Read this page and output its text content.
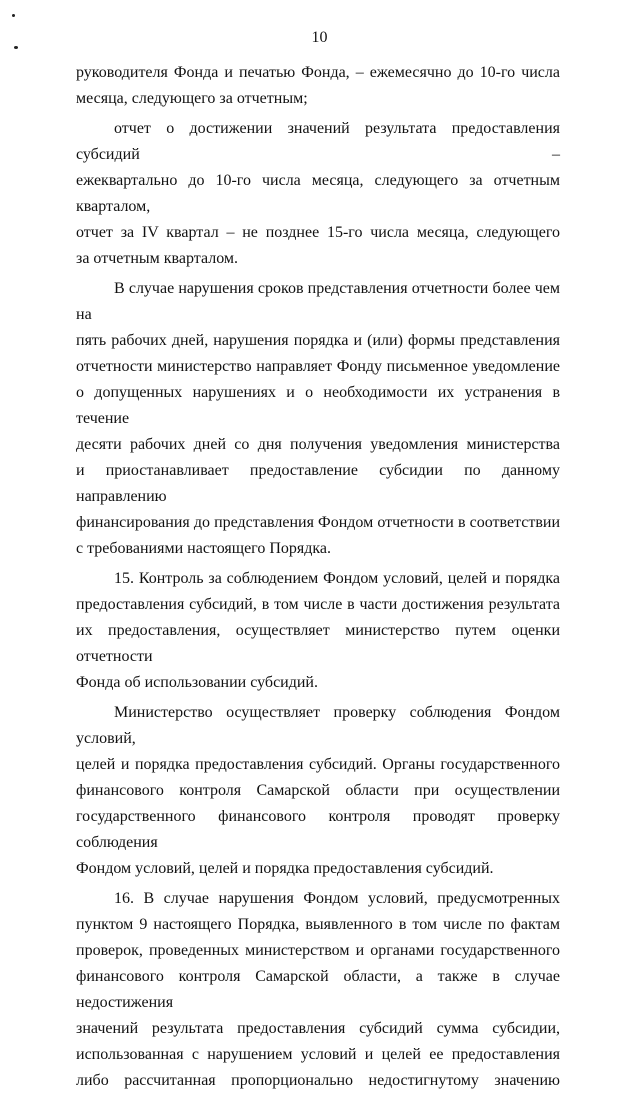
10
руководителя Фонда и печатью Фонда, – ежемесячно до 10-го числа
месяца, следующего за отчетным;
отчет о достижении значений результата предоставления субсидий –
ежеквартально до 10-го числа месяца, следующего за отчетным кварталом,
отчет за IV квартал – не позднее 15-го числа месяца, следующего
за отчетным кварталом.
В случае нарушения сроков представления отчетности более чем на
пять рабочих дней, нарушения порядка и (или) формы представления
отчетности министерство направляет Фонду письменное уведомление
о допущенных нарушениях и о необходимости их устранения в течение
десяти рабочих дней со дня получения уведомления министерства
и приостанавливает предоставление субсидии по данному направлению
финансирования до представления Фондом отчетности в соответствии
с требованиями настоящего Порядка.
15. Контроль за соблюдением Фондом условий, целей и порядка
предоставления субсидий, в том числе в части достижения результата
их предоставления, осуществляет министерство путем оценки отчетности
Фонда об использовании субсидий.
Министерство осуществляет проверку соблюдения Фондом условий,
целей и порядка предоставления субсидий. Органы государственного
финансового контроля Самарской области при осуществлении
государственного финансового контроля проводят проверку соблюдения
Фондом условий, целей и порядка предоставления субсидий.
16. В случае нарушения Фондом условий, предусмотренных
пунктом 9 настоящего Порядка, выявленного в том числе по фактам
проверок, проведенных министерством и органами государственного
финансового контроля Самарской области, а также в случае недостижения
значений результата предоставления субсидий сумма субсидии,
использованная с нарушением условий и целей ее предоставления
либо рассчитанная пропорционально недостигнутому значению
